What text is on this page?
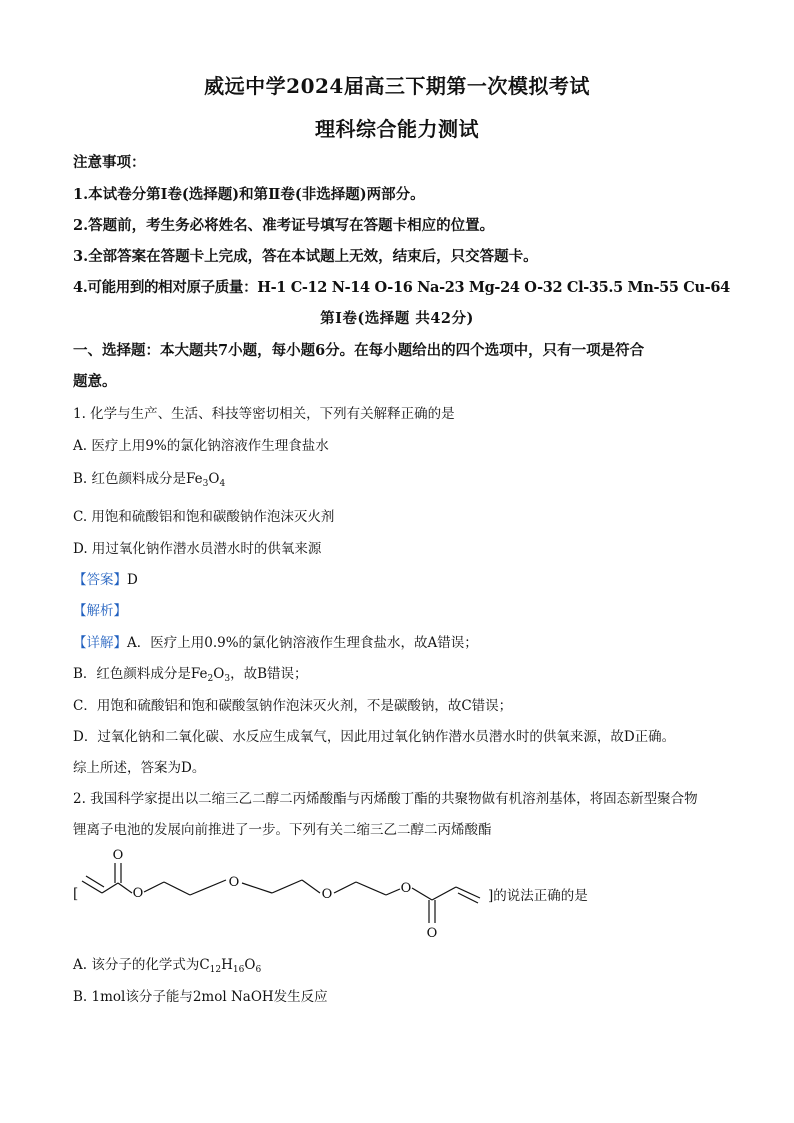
威远中学2024届高三下期第一次模拟考试
理科综合能力测试
注意事项：
1.本试卷分第Ⅰ卷(选择题)和第Ⅱ卷(非选择题)两部分。
2.答题前，考生务必将姓名、准考证号填写在答题卡相应的位置。
3.全部答案在答题卡上完成，答在本试题上无效，结束后，只交答题卡。
4.可能用到的相对原子质量：H-1 C-12 N-14 O-16 Na-23 Mg-24 O-32 Cl-35.5 Mn-55 Cu-64
第Ⅰ卷(选择题 共42分)
一、选择题：本大题共7小题，每小题6分。在每小题给出的四个选项中，只有一项是符合
题意。
1. 化学与生产、生活、科技等密切相关，下列有关解释正确的是
A. 医疗上用9%的氯化钠溶液作生理食盐水
B. 红色颜料成分是$Fe_3O_4$
C. 用饱和硫酸铝和饱和碳酸钠作泡沫灭火剂
D. 用过氧化钠作潜水员潜水时的供氧来源
【答案】D
【解析】
【详解】A．医疗上用0.9%的氯化钠溶液作生理食盐水，故A错误；
B．红色颜料成分是$Fe_2O_3$，故B错误；
C．用饱和硫酸铝和饱和碳酸氢钠作泡沫灭火剂，不是碳酸钠，故C错误；
D．过氧化钠和二氧化碳、水反应生成氧气，因此用过氧化钠作潜水员潜水时的供氧来源，故D正确。
综上所述，答案为D。
2. 我国科学家提出以二缩三乙二醇二丙烯酸酯与丙烯酸丁酯的共聚物做有机溶剂基体，将固态新型聚合物
锂离子电池的发展向前推进了一步。下列有关二缩三乙二醇二丙烯酸酯
[
O
O
O
O	O
O
]的说法正确的是
A. 该分子的化学式为$C_{12}H_{16}O_6$
B. 1mol该分子能与2mol NaOH发生反应
